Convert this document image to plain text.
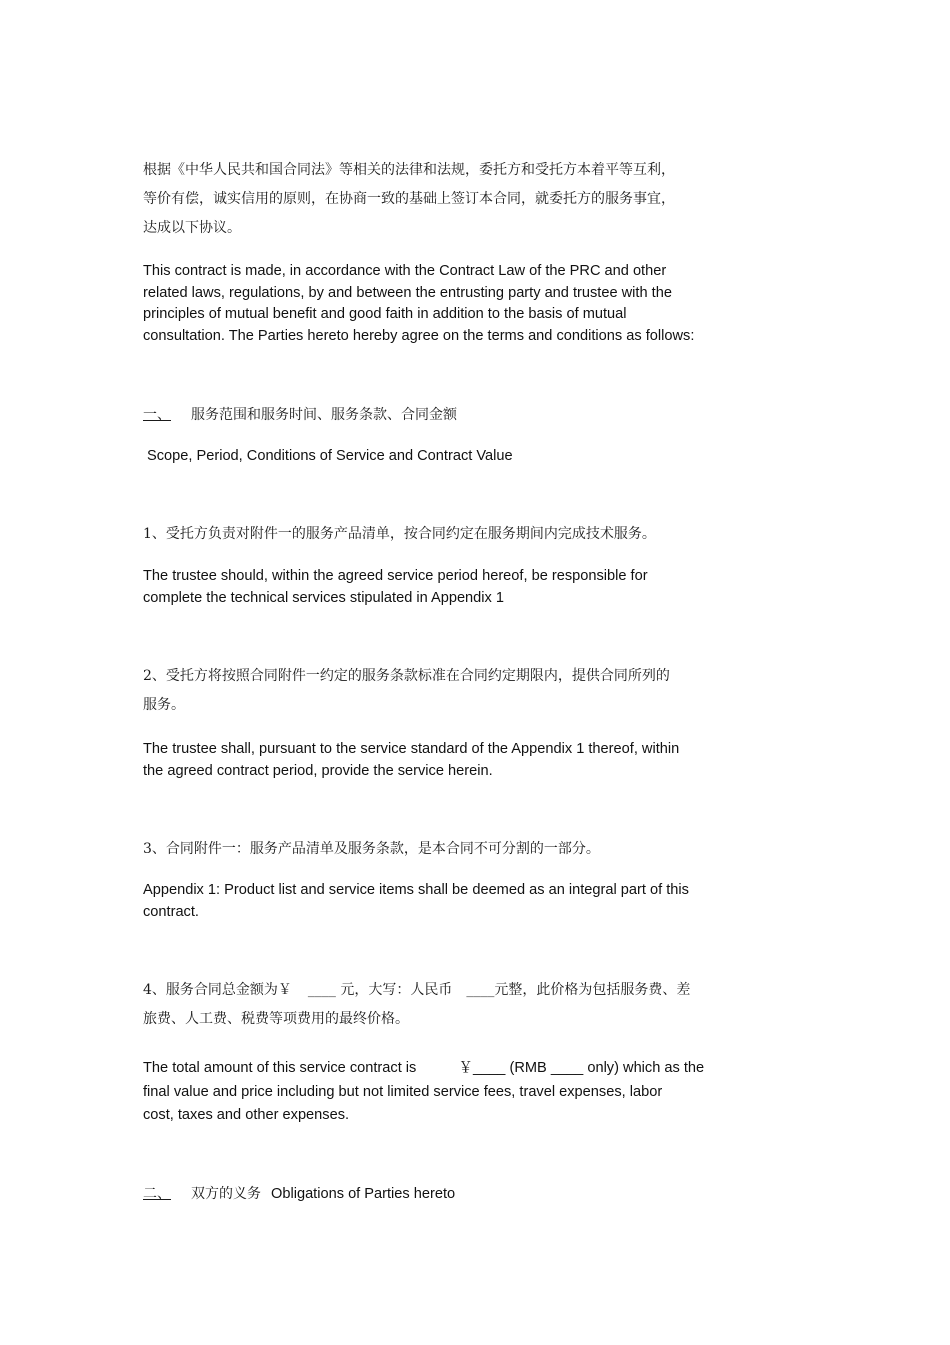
根据《中华人民共和国合同法》等相关的法律和法规，委托方和受托方本着平等互利，
等价有偿，诚实信用的原则，在协商一致的基础上签订本合同，就委托方的服务事宜，
达成以下协议。
This contract is made, in accordance with the Contract Law of the PRC and other
related laws, regulations, by and between the entrusting party and trustee with the
principles of mutual benefit and good faith in addition to the basis of mutual
consultation. The Parties hereto hereby agree on the terms and conditions as follows:
一、 服务范围和服务时间、服务条款、合同金额
Scope, Period, Conditions of Service and Contract Value
1、受托方负责对附件一的服务产品清单，按合同约定在服务期间内完成技术服务。
The trustee should, within the agreed service period hereof, be responsible for
complete the technical services stipulated in Appendix 1
2、受托方将按照合同附件一约定的服务条款标准在合同约定期限内，提供合同所列的
服务。
The trustee shall, pursuant to the service standard of the Appendix 1 thereof, within
the agreed contract period, provide the service herein.
3、合同附件一：服务产品清单及服务条款，是本合同不可分割的一部分。
Appendix 1: Product list and service items shall be deemed as an integral part of this
contract.
4、服务合同总金额为￥ ____ 元，大写：人民币 ____元整，此价格为包括服务费、差
旅费、人工费、税费等项费用的最终价格。
The total amount of this service contract is	￥____ (RMB ____ only) which as the
final value and price including but not limited service fees, travel expenses, labor
cost, taxes and other expenses.
二、 双方的义务 Obligations of Parties hereto
